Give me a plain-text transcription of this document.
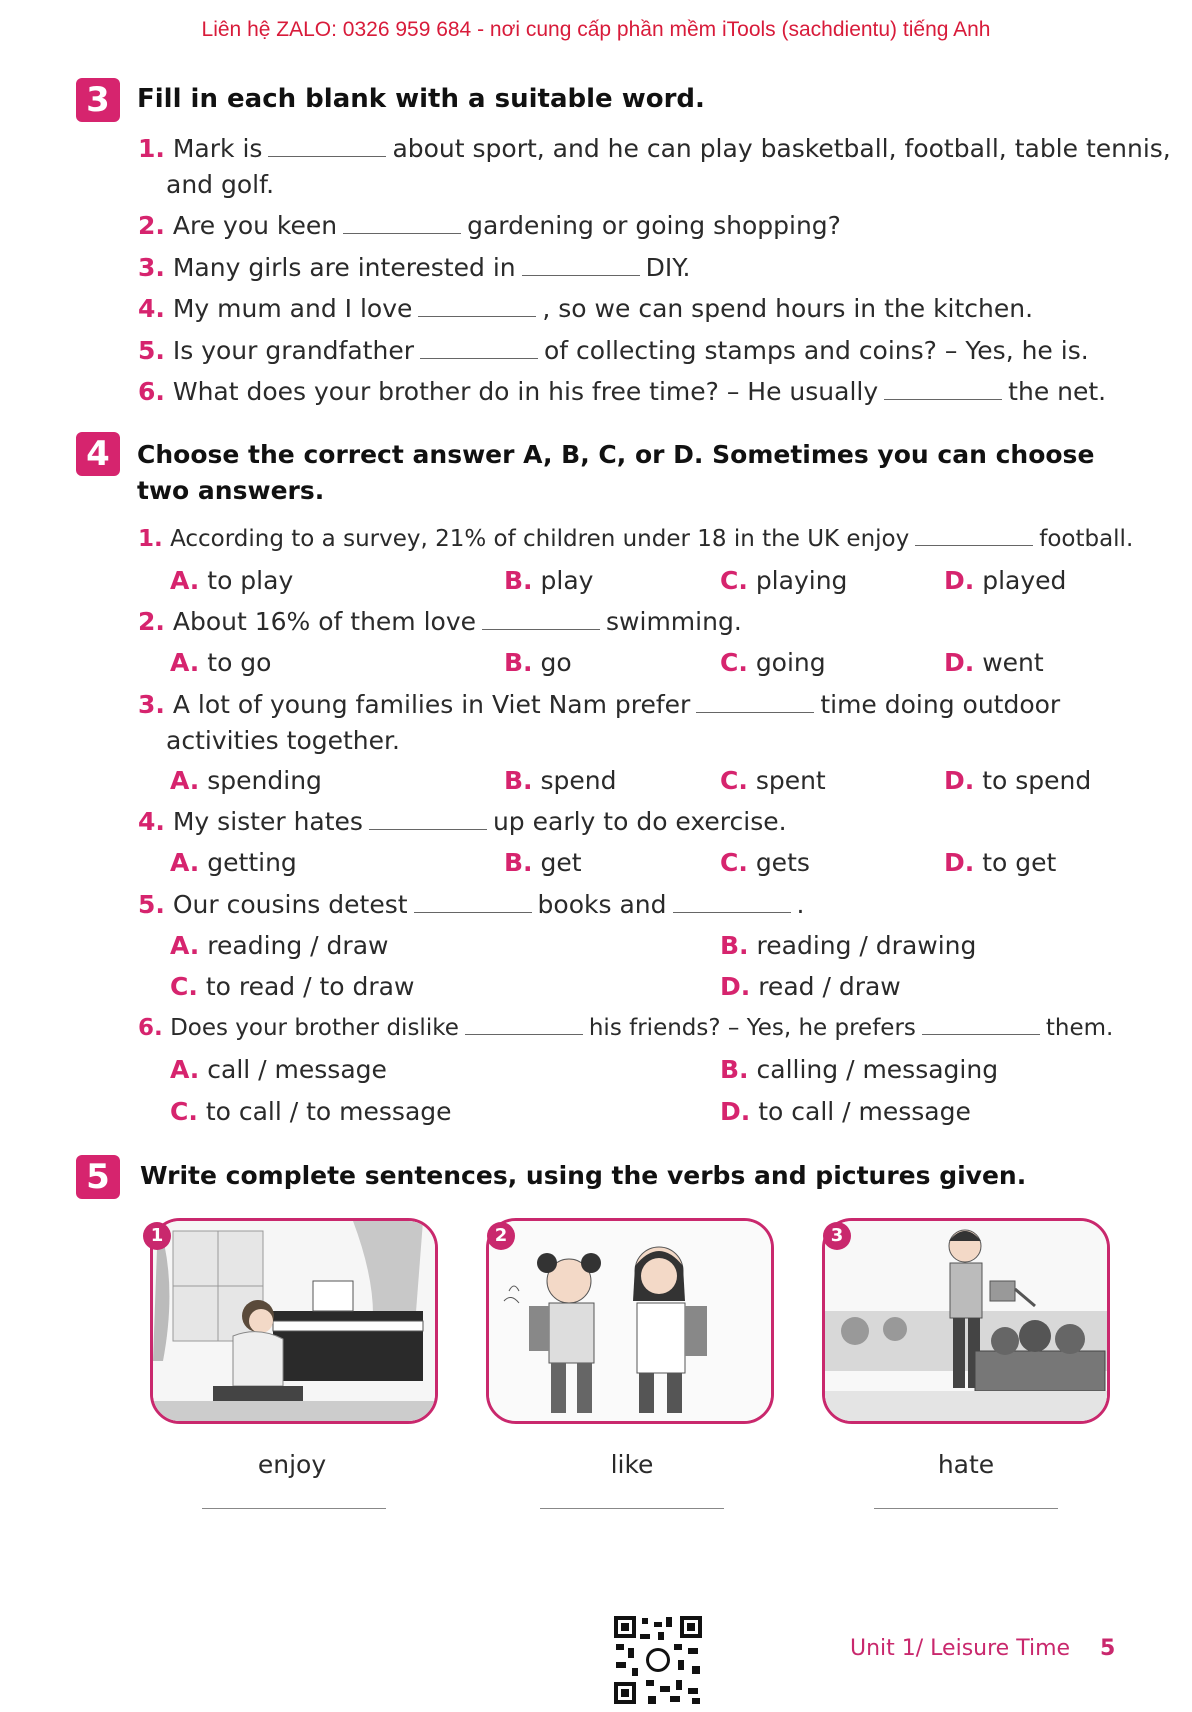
Liên hệ ZALO: 0326 959 684 - nơi cung cấp phần mềm iTools (sachdientu) tiếng Anh
3	Fill in each blank with a suitable word.
1. Mark is	about sport, and he can play basketball, football, table tennis,
and golf.
2. Are you keen	gardening or going shopping?
3. Many girls are interested in	DIY.
4. My mum and I love	, so we can spend hours in the kitchen.
5. Is your grandfather	of collecting stamps and coins? – Yes, he is.
6. What does your brother do in his free time? – He usually	the net.
4	Choose the correct answer A, B, C, or D. Sometimes you can choose
two answers.
1. According to a survey, 21% of children under 18 in the UK enjoy	football.
A. to play	B. play	C. playing	D. played
2. About 16% of them love	swimming.
A. to go	B. go	C. going	D. went
3. A lot of young families in Viet Nam prefer	time doing outdoor
activities together.
A. spending	B. spend	C. spent	D. to spend
4. My sister hates	up early to do exercise.
A. getting	B. get	C. gets	D. to get
5. Our cousins detest	books and	.
A. reading / draw	B. reading / drawing
C. to read / to draw	D. read / draw
6. Does your brother dislike	his friends? – Yes, he prefers	them.
A. call / message	B. calling / messaging
C. to call / to message	D. to call / message
5	Write complete sentences, using the verbs and pictures given.
1	2	3
enjoy	like	hate
Unit 1/ Leisure Time 5
